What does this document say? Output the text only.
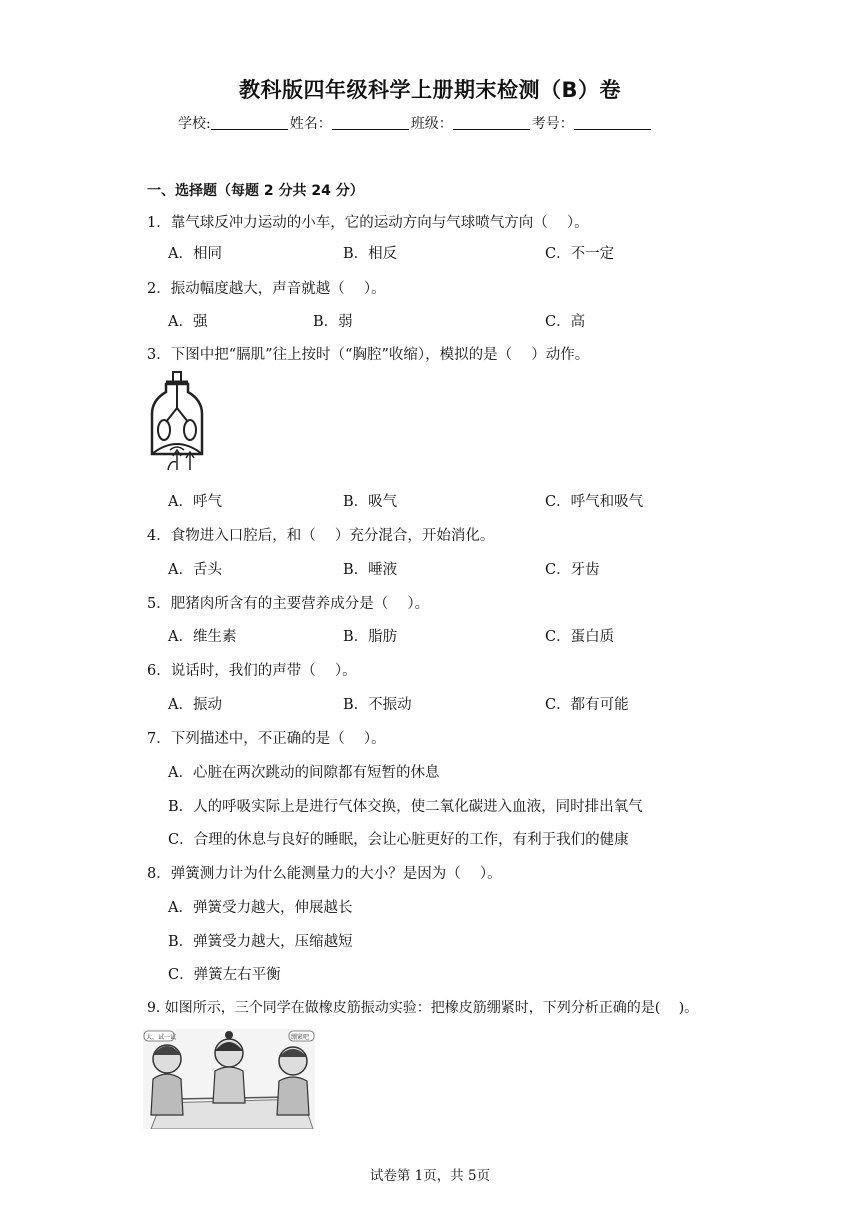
教科版四年级科学上册期末检测（B）卷
学校:	姓名：	班级：	考号：
一、选择题（每题 2 分共 24 分）
1．靠气球反冲力运动的小车，它的运动方向与气球喷气方向（　 ）。
A．相同	B．相反	C．不一定
2．振动幅度越大，声音就越（　 ）。
A．强	B．弱	C．高
3．下图中把“膈肌”往上按时（“胸腔”收缩），模拟的是（　 ）动作。
A．呼气	B．吸气	C．呼气和吸气
4．食物进入口腔后，和（　 ）充分混合，开始消化。
A．舌头	B．唾液	C．牙齿
5．肥猪肉所含有的主要营养成分是（　 ）。
A．维生素	B．脂肪	C．蛋白质
6．说话时，我们的声带（　 ）。
A．振动	B．不振动	C．都有可能
7．下列描述中，不正确的是（　 ）。
A．心脏在两次跳动的间隙都有短暂的休息
B．人的呼吸实际上是进行气体交换，使二氧化碳进入血液，同时排出氧气
C．合理的休息与良好的睡眠，会让心脏更好的工作，有利于我们的健康
8．弹簧测力计为什么能测量力的大小？是因为（　 ）。
A．弹簧受力越大，伸展越长
B．弹簧受力越大，压缩越短
C．弹簧左右平衡
9. 如图所示，三个同学在做橡皮筋振动实验：把橡皮筋绷紧时，下列分析正确的是(　 )。
大，试一试	绷紧吧
试卷第 1页，共 5页
